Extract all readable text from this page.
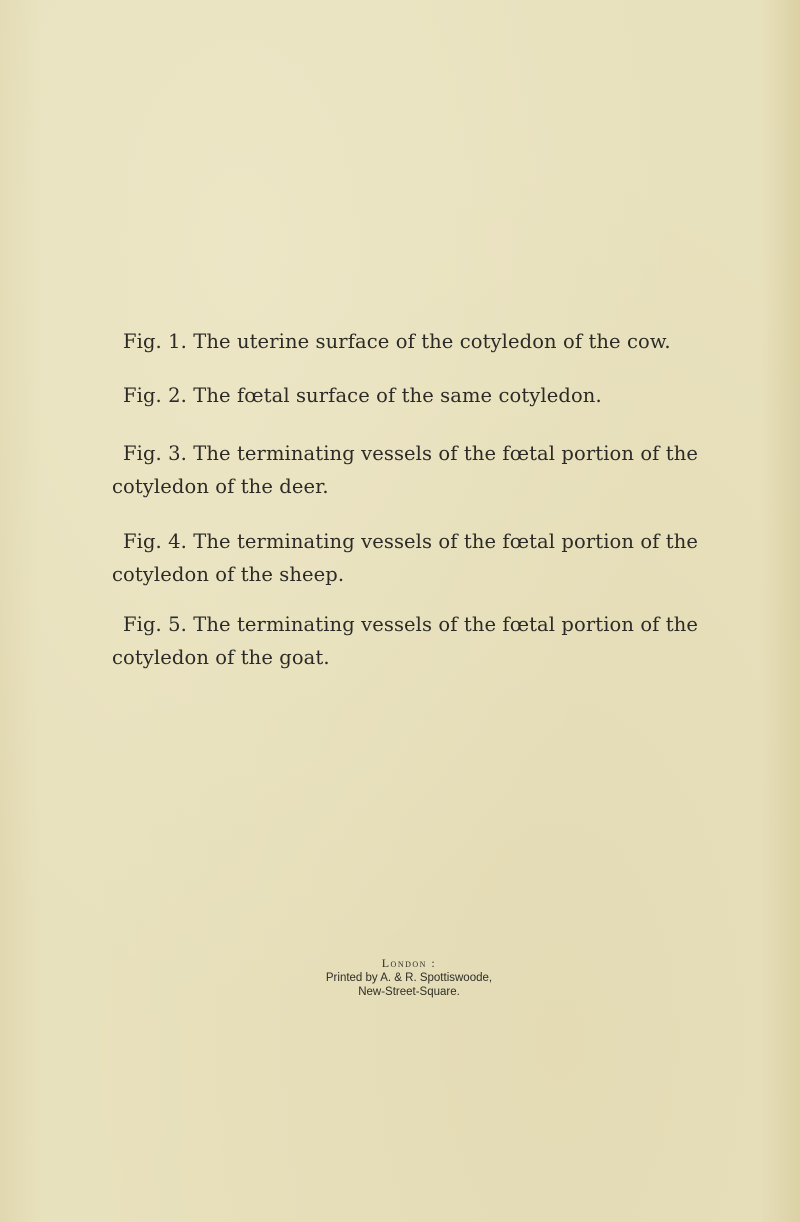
Fig. 1. The uterine surface of the cotyledon of the cow.
Fig. 2. The fœtal surface of the same cotyledon.
Fig. 3. The terminating vessels of the fœtal portion of the cotyledon of the deer.
Fig. 4. The terminating vessels of the fœtal portion of the cotyledon of the sheep.
Fig. 5. The terminating vessels of the fœtal portion of the cotyledon of the goat.
London :
Printed by A. & R. Spottiswoode,
New-Street-Square.
